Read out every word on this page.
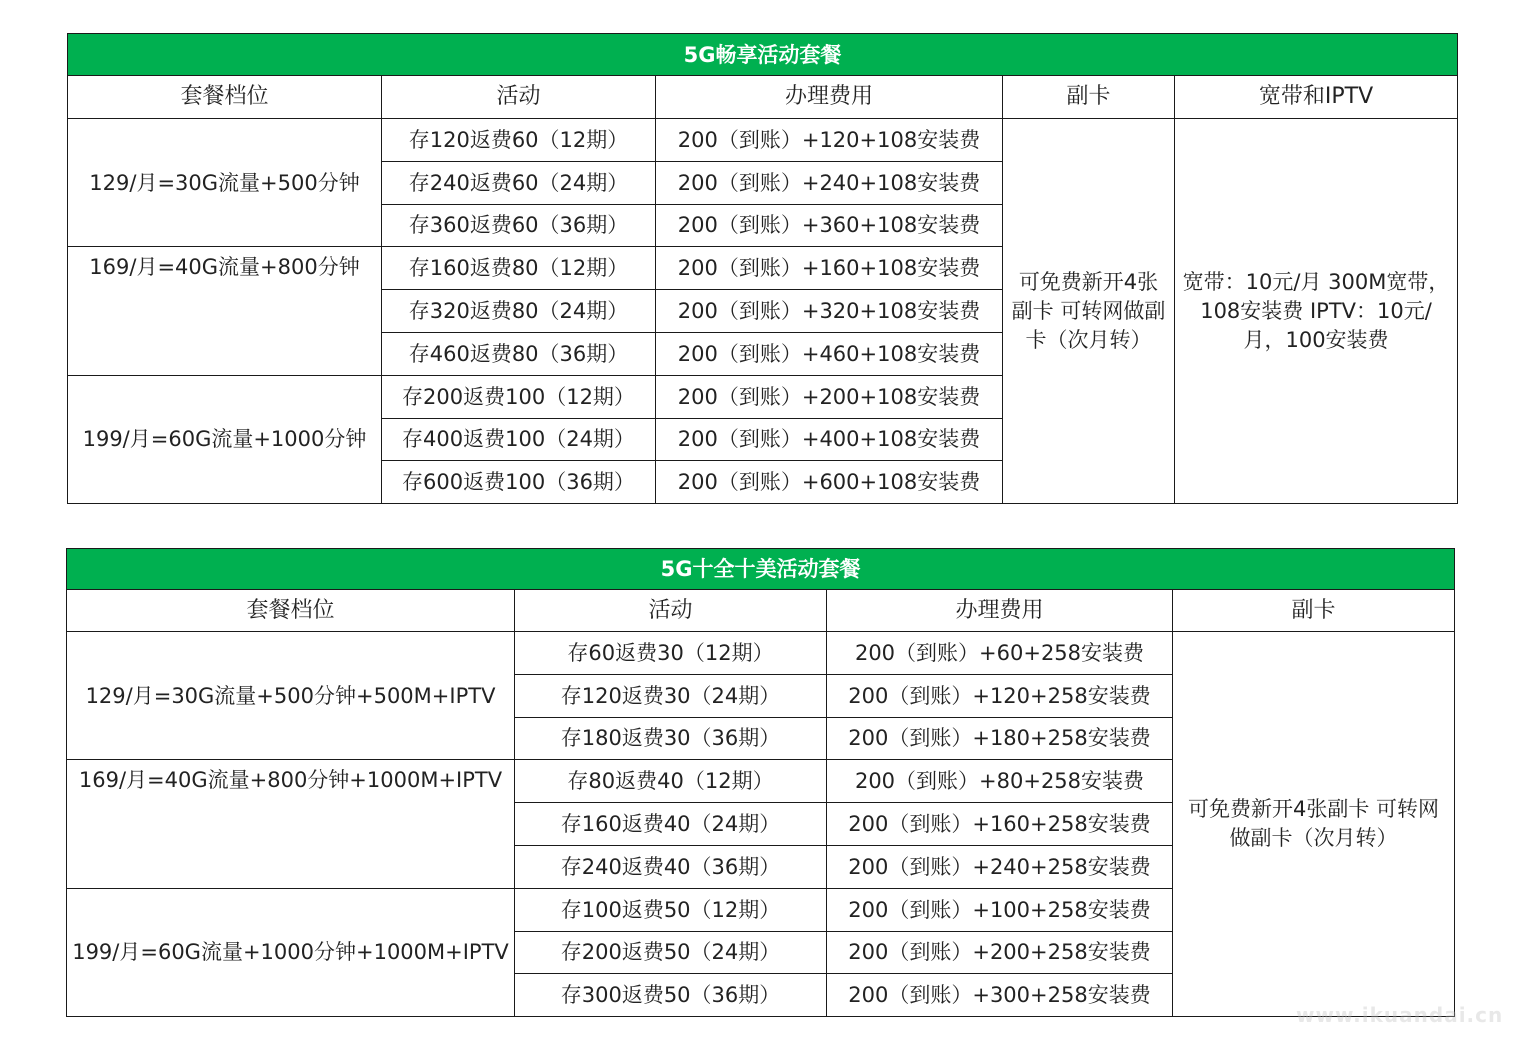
5G畅享活动套餐				
套餐档位	活动	办理费用	副卡	宽带和IPTV
129/月=30G流量+500分钟	存120返费60（12期）	200（到账）+120+108安装费	可免费新开4张副卡 可转网做副卡（次月转）	宽带：10元/月 300M宽带，108安装费 IPTV：10元/月，100安装费
	存240返费60（24期）	200（到账）+240+108安装费		
	存360返费60（36期）	200（到账）+360+108安装费		
169/月=40G流量+800分钟	存160返费80（12期）	200（到账）+160+108安装费		
	存320返费80（24期）	200（到账）+320+108安装费		
	存460返费80（36期）	200（到账）+460+108安装费		
199/月=60G流量+1000分钟	存200返费100（12期）	200（到账）+200+108安装费		
	存400返费100（24期）	200（到账）+400+108安装费		
	存600返费100（36期）	200（到账）+600+108安装费		
5G十全十美活动套餐			
套餐档位	活动	办理费用	副卡
129/月=30G流量+500分钟+500M+IPTV	存60返费30（12期）	200（到账）+60+258安装费	可免费新开4张副卡 可转网做副卡（次月转）
	存120返费30（24期）	200（到账）+120+258安装费	
	存180返费30（36期）	200（到账）+180+258安装费	
169/月=40G流量+800分钟+1000M+IPTV	存80返费40（12期）	200（到账）+80+258安装费	
	存160返费40（24期）	200（到账）+160+258安装费	
	存240返费40（36期）	200（到账）+240+258安装费	
199/月=60G流量+1000分钟+1000M+IPTV	存100返费50（12期）	200（到账）+100+258安装费	
	存200返费50（24期）	200（到账）+200+258安装费	
	存300返费50（36期）	200（到账）+300+258安装费	
www.ikuandai.cn
